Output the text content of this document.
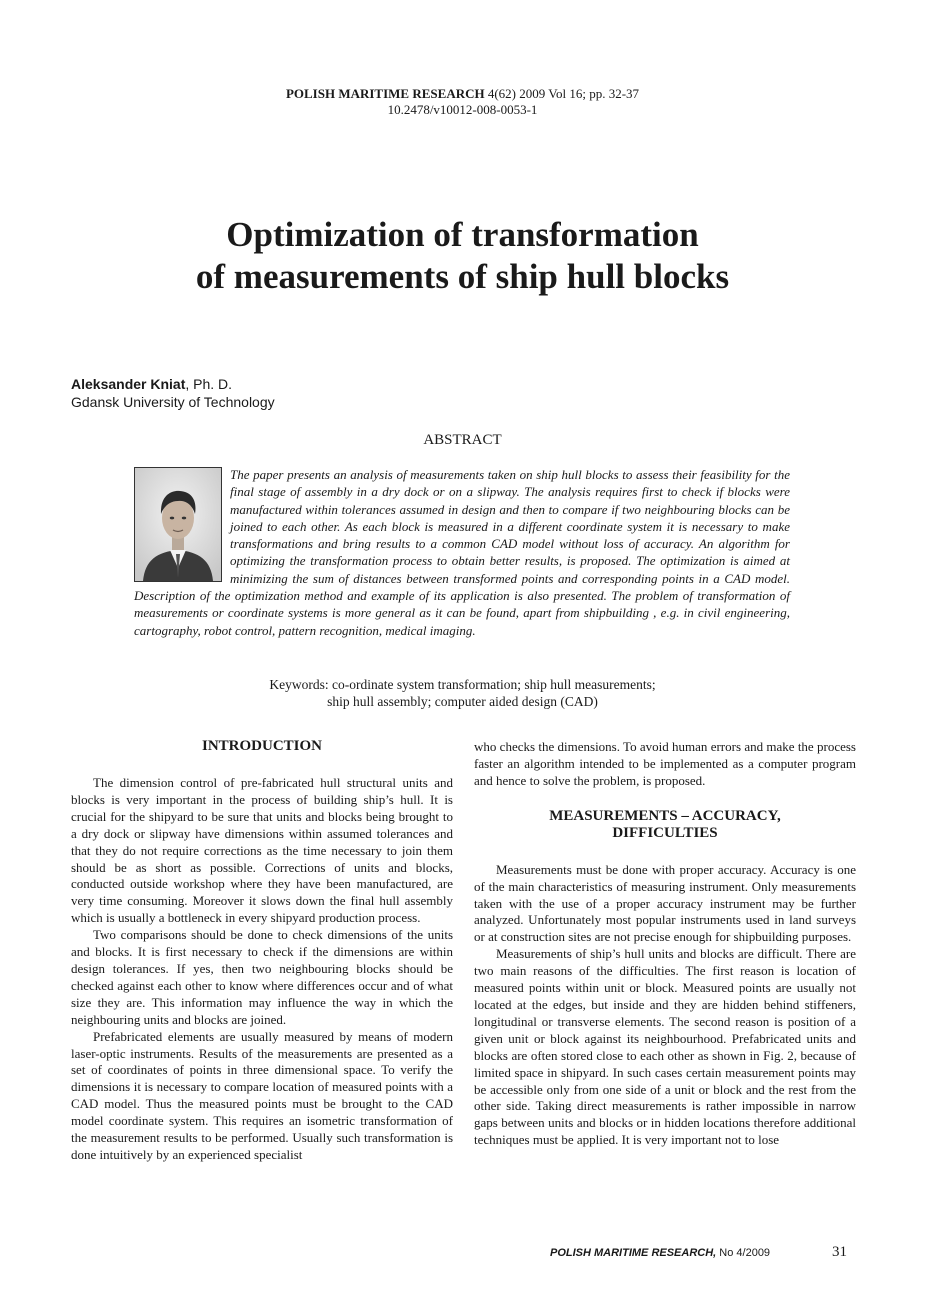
POLISH MARITIME RESEARCH 4(62) 2009 Vol 16; pp. 32-37
10.2478/v10012-008-0053-1
Optimization of transformation
of measurements of ship hull blocks
Aleksander Kniat, Ph. D.
Gdansk University of Technology
ABSTRACT
The paper presents an analysis of measurements taken on ship hull blocks to assess their feasibility for the final stage of assembly in a dry dock or on a slipway. The analysis requires first to check if blocks were manufactured within tolerances assumed in design and then to compare if two neighbouring blocks can be joined to each other. As each block is measured in a different coordinate system it is necessary to make transformations and bring results to a common CAD model without loss of accuracy. An algorithm for optimizing the transformation process to obtain better results, is proposed. The optimization is aimed at minimizing the sum of distances between transformed points and corresponding points in a CAD model. Description of the optimization method and example of its application is also presented. The problem of transformation of measurements or coordinate systems is more general as it can be found, apart from shipbuilding , e.g. in civil engineering, cartography, robot control, pattern recognition, medical imaging.
Keywords: co-ordinate system transformation; ship hull measurements;
ship hull assembly; computer aided design (CAD)
INTRODUCTION

The dimension control of pre-fabricated hull structural units and blocks is very important in the process of building ship’s hull. It is crucial for the shipyard to be sure that units and blocks being brought to a dry dock or slipway have dimensions within assumed tolerances and that they do not require corrections as the time necessary to join them should be as short as possible. Corrections of units and blocks, conducted outside workshop where they have been manufactured, are very time consuming. Moreover it slows down the final hull assembly which is usually a bottleneck in every shipyard production process.

Two comparisons should be done to check dimensions of the units and blocks. It is first necessary to check if the dimensions are within design tolerances. If yes, then two neighbouring blocks should be checked against each other to know where differences occur and of what size they are. This information may influence the way in which the neighbouring units and blocks are joined.

Prefabricated elements are usually measured by means of modern laser-optic instruments. Results of the measurements are presented as a set of coordinates of points in three dimensional space. To verify the dimensions it is necessary to compare location of measured points with a CAD model. Thus the measured points must be brought to the CAD model coordinate system. This requires an isometric transformation of the measurement results to be performed. Usually such transformation is done intuitively by an experienced specialist

who checks the dimensions. To avoid human errors and make the process faster an algorithm intended to be implemented as a computer program and hence to solve the problem, is proposed.

MEASUREMENTS – ACCURACY,
DIFFICULTIES

Measurements must be done with proper accuracy. Accuracy is one of the main characteristics of measuring instrument. Only measurements taken with the use of a proper accuracy instrument may be further analyzed. Unfortunately most popular instruments used in land surveys or at construction sites are not precise enough for shipbuilding purposes.

Measurements of ship’s hull units and blocks are difficult. There are two main reasons of the difficulties. The first reason is location of measured points within unit or block. Measured points are usually not located at the edges, but inside and they are hidden behind stiffeners, longitudinal or transverse elements. The second reason is position of a given unit or block against its neighbourhood. Prefabricated units and blocks are often stored close to each other as shown in Fig. 2, because of limited space in shipyard. In such cases certain measurement points may be accessible only from one side of a unit or block and the rest from the other side. Taking direct measurements is rather impossible in narrow gaps between units and blocks or in hidden locations therefore additional techniques must be applied. It is very important not to lose

POLISH MARITIME RESEARCH, No 4/2009	31
